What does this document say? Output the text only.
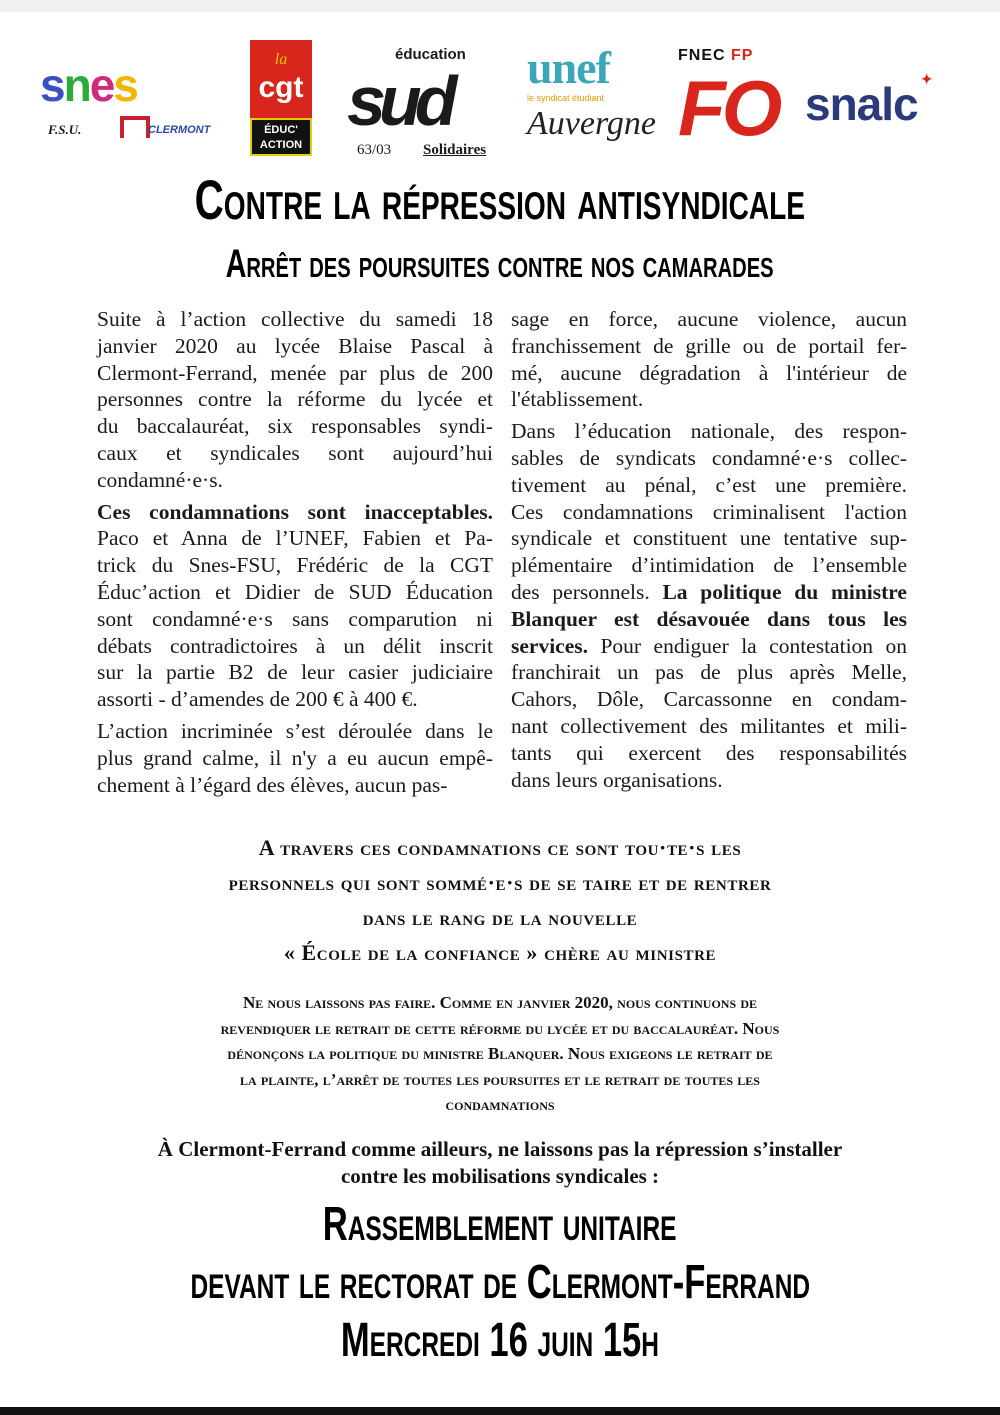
snes
F.S.U.	CLERMONT
la
cgt
ÉDUC'
ACTION
éducation
sud
63/03 Solidaires
unef
le syndicat étudiant
Auvergne
FNEC FP
FO snalc ✦
Contre la répression antisyndicale
Arrêt des poursuites contre nos camarades
Suite à l’action collective du samedi 18
janvier 2020 au lycée Blaise Pascal à
Clermont-Ferrand, menée par plus de 200
personnes contre la réforme du lycée et
du baccalauréat, six responsables syndi-
caux et syndicales sont aujourd’hui
condamné·e·s.
Ces condamnations sont inacceptables.
Paco et Anna de l’UNEF, Fabien et Pa-
trick du Snes-FSU, Frédéric de la CGT
Éduc’action et Didier de SUD Éducation
sont condamné·e·s sans comparution ni
débats contradictoires à un délit inscrit
sur la partie B2 de leur casier judiciaire
assorti - d’amendes de 200 € à 400 €.
L’action incriminée s’est déroulée dans le
plus grand calme, il n'y a eu aucun empê-
chement à l’égard des élèves, aucun pas-
sage en force, aucune violence, aucun
franchissement de grille ou de portail fer-
mé, aucune dégradation à l'intérieur de
l'établissement.
Dans l’éducation nationale, des respon-
sables de syndicats condamné·e·s collec-
tivement au pénal, c’est une première.
Ces condamnations criminalisent l'action
syndicale et constituent une tentative sup-
plémentaire d’intimidation de l’ensemble
des personnels. La politique du ministre
Blanquer est désavouée dans tous les
services. Pour endiguer la contestation on
franchirait un pas de plus après Melle,
Cahors, Dôle, Carcassonne en condam-
nant collectivement des militantes et mili-
tants qui exercent des responsabilités
dans leurs organisations.
A travers ces condamnations ce sont tou·te·s les
personnels qui sont sommé·e·s de se taire et de rentrer
dans le rang de la nouvelle
« École de la confiance » chère au ministre
Ne nous laissons pas faire. Comme en janvier 2020, nous continuons de
revendiquer le retrait de cette réforme du lycée et du baccalauréat. Nous
dénonçons la politique du ministre Blanquer. Nous exigeons le retrait de
la plainte, l’arrêt de toutes les poursuites et le retrait de toutes les
condamnations
À Clermont-Ferrand comme ailleurs, ne laissons pas la répression s’installer
contre les mobilisations syndicales :
Rassemblement unitaire
devant le rectorat de Clermont-Ferrand
Mercredi 16 juin 15h
